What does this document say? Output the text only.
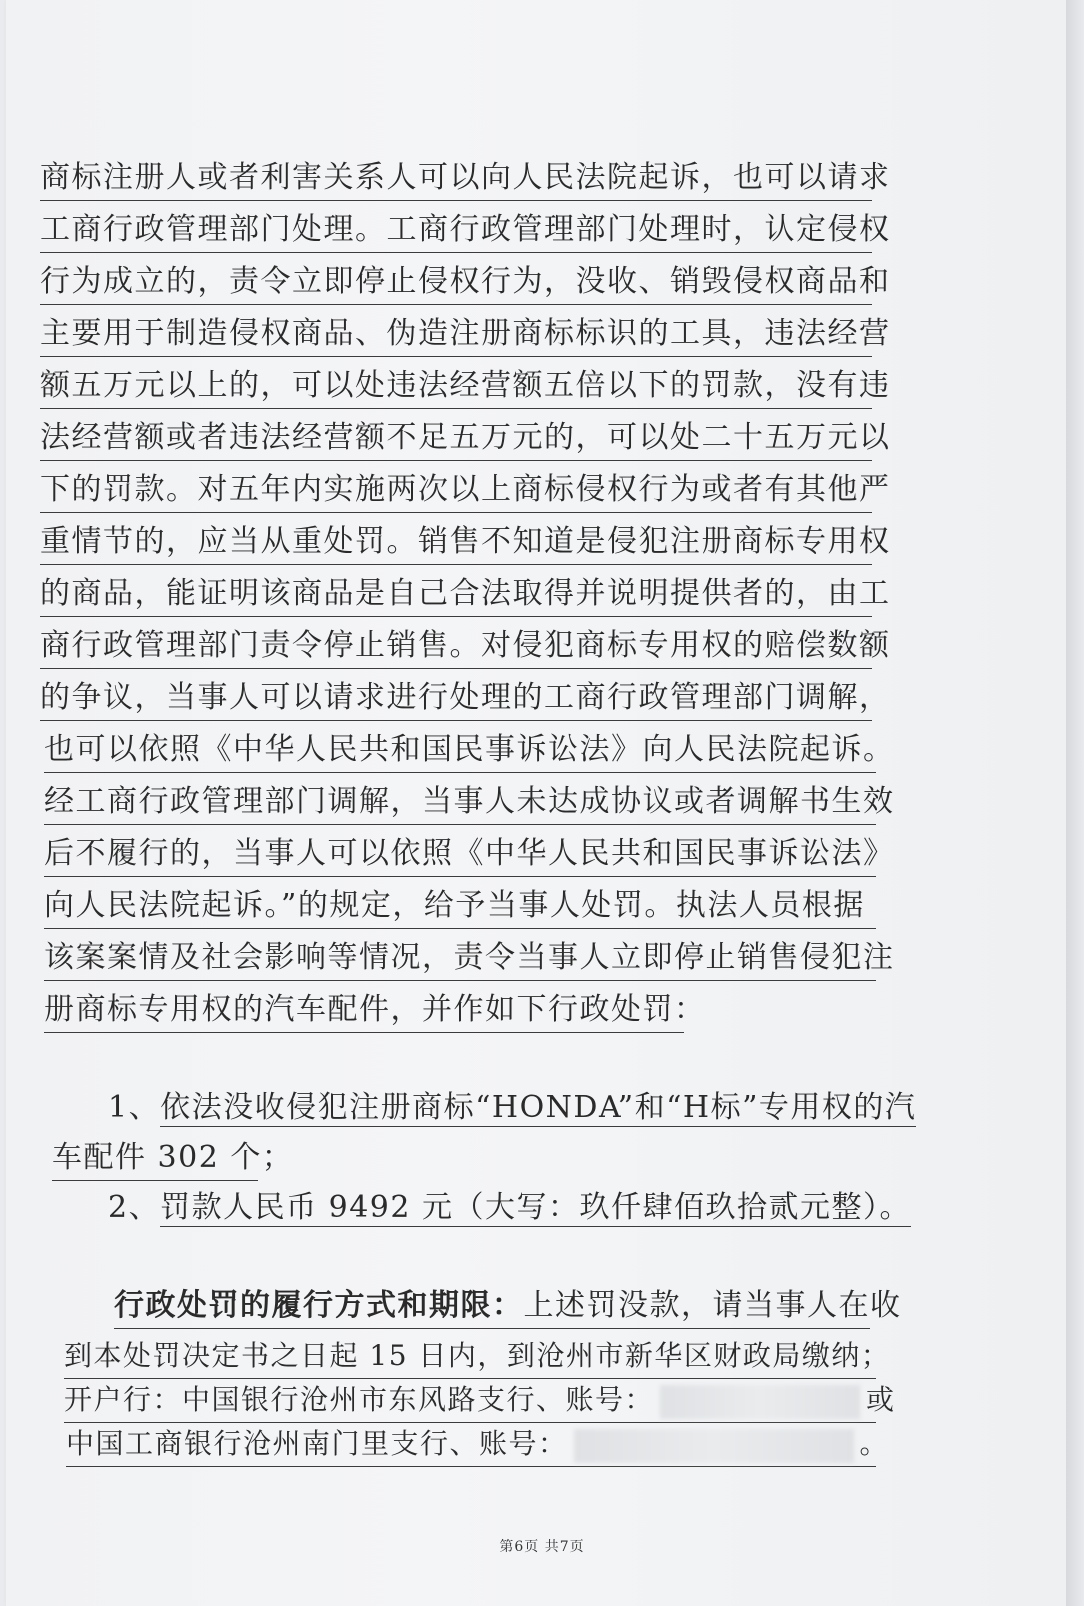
商标注册人或者利害关系人可以向人民法院起诉，也可以请求
工商行政管理部门处理。工商行政管理部门处理时，认定侵权
行为成立的，责令立即停止侵权行为，没收、销毁侵权商品和
主要用于制造侵权商品、伪造注册商标标识的工具，违法经营
额五万元以上的，可以处违法经营额五倍以下的罚款，没有违
法经营额或者违法经营额不足五万元的，可以处二十五万元以
下的罚款。对五年内实施两次以上商标侵权行为或者有其他严
重情节的，应当从重处罚。销售不知道是侵犯注册商标专用权
的商品，能证明该商品是自己合法取得并说明提供者的，由工
商行政管理部门责令停止销售。对侵犯商标专用权的赔偿数额
的争议，当事人可以请求进行处理的工商行政管理部门调解，
也可以依照《中华人民共和国民事诉讼法》向人民法院起诉。
经工商行政管理部门调解，当事人未达成协议或者调解书生效
后不履行的，当事人可以依照《中华人民共和国民事诉讼法》
向人民法院起诉。”的规定，给予当事人处罚。执法人员根据
该案案情及社会影响等情况，责令当事人立即停止销售侵犯注
册商标专用权的汽车配件，并作如下行政处罚：
1、依法没收侵犯注册商标“HONDA”和“H标”专用权的汽
车配件 302 个；
2、罚款人民币 9492 元（大写：玖仟肆佰玖拾贰元整）。
行政处罚的履行方式和期限：上述罚没款，请当事人在收
到本处罚决定书之日起 15 日内，到沧州市新华区财政局缴纳；
开户行：中国银行沧州市东风路支行、账号：	或
中国工商银行沧州南门里支行、账号：	。
第6页 共7页
